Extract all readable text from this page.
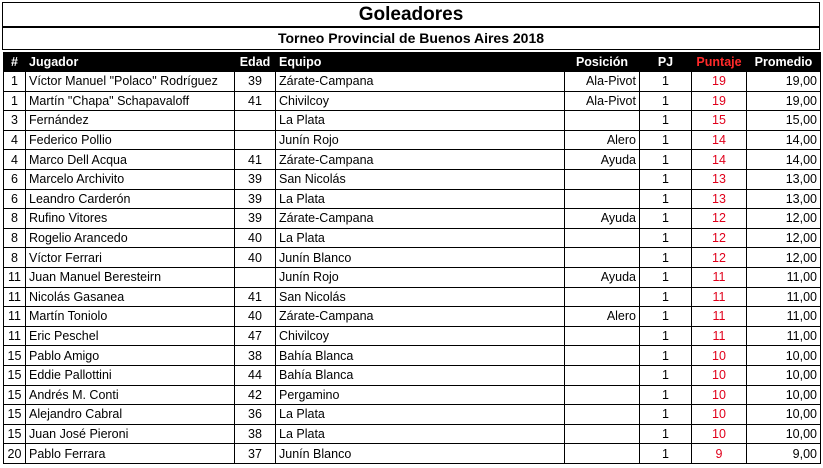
Goleadores
Torneo Provincial de Buenos Aires 2018
#	Jugador	Edad	Equipo	Posición	PJ	Puntaje	Promedio
1	Víctor Manuel "Polaco" Rodríguez	39	Zárate-Campana	Ala-Pivot	1	19	19,00
1	Martín "Chapa" Schapavaloff	41	Chivilcoy	Ala-Pivot	1	19	19,00
3	Fernández		La Plata		1	15	15,00
4	Federico Pollio		Junín Rojo	Alero	1	14	14,00
4	Marco Dell Acqua	41	Zárate-Campana	Ayuda	1	14	14,00
6	Marcelo Archivito	39	San Nicolás		1	13	13,00
6	Leandro Carderón	39	La Plata		1	13	13,00
8	Rufino Vitores	39	Zárate-Campana	Ayuda	1	12	12,00
8	Rogelio Arancedo	40	La Plata		1	12	12,00
8	Víctor Ferrari	40	Junín Blanco		1	12	12,00
11	Juan Manuel Beresteirn		Junín Rojo	Ayuda	1	11	11,00
11	Nicolás Gasanea	41	San Nicolás		1	11	11,00
11	Martín Toniolo	40	Zárate-Campana	Alero	1	11	11,00
11	Eric Peschel	47	Chivilcoy		1	11	11,00
15	Pablo Amigo	38	Bahía Blanca		1	10	10,00
15	Eddie Pallottini	44	Bahía Blanca		1	10	10,00
15	Andrés M. Conti	42	Pergamino		1	10	10,00
15	Alejandro Cabral	36	La Plata		1	10	10,00
15	Juan José Pieroni	38	La Plata		1	10	10,00
20	Pablo Ferrara	37	Junín Blanco		1	9	9,00
